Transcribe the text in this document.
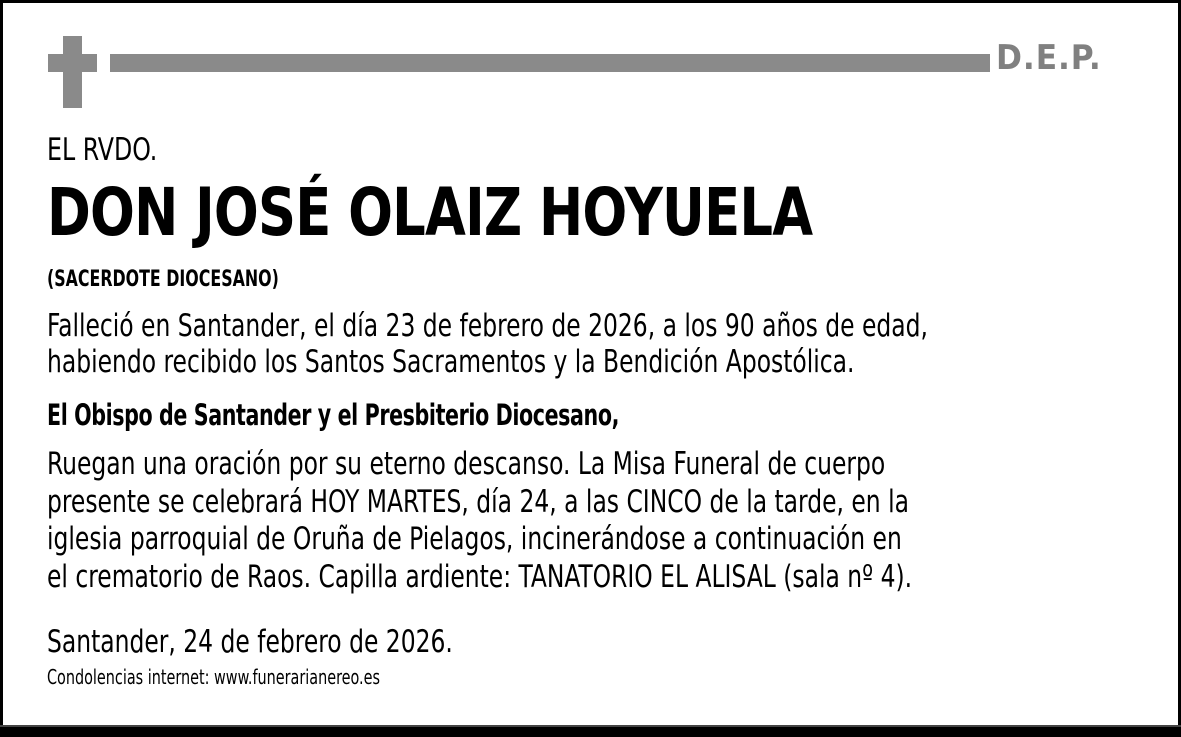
D.E.P.
EL RVDO.
DON JOSÉ OLAIZ HOYUELA
(SACERDOTE DIOCESANO)
Falleció en Santander, el día 23 de febrero de 2026, a los 90 años de edad,
habiendo recibido los Santos Sacramentos y la Bendición Apostólica.
El Obispo de Santander y el Presbiterio Diocesano,
Ruegan una oración por su eterno descanso. La Misa Funeral de cuerpo
presente se celebrará HOY MARTES, día 24, a las CINCO de la tarde, en la
iglesia parroquial de Oruña de Pielagos, incinerándose a continuación en
el crematorio de Raos. Capilla ardiente: TANATORIO EL ALISAL (sala nº 4).
Santander, 24 de febrero de 2026.
Condolencias internet: www.funerarianereo.es
